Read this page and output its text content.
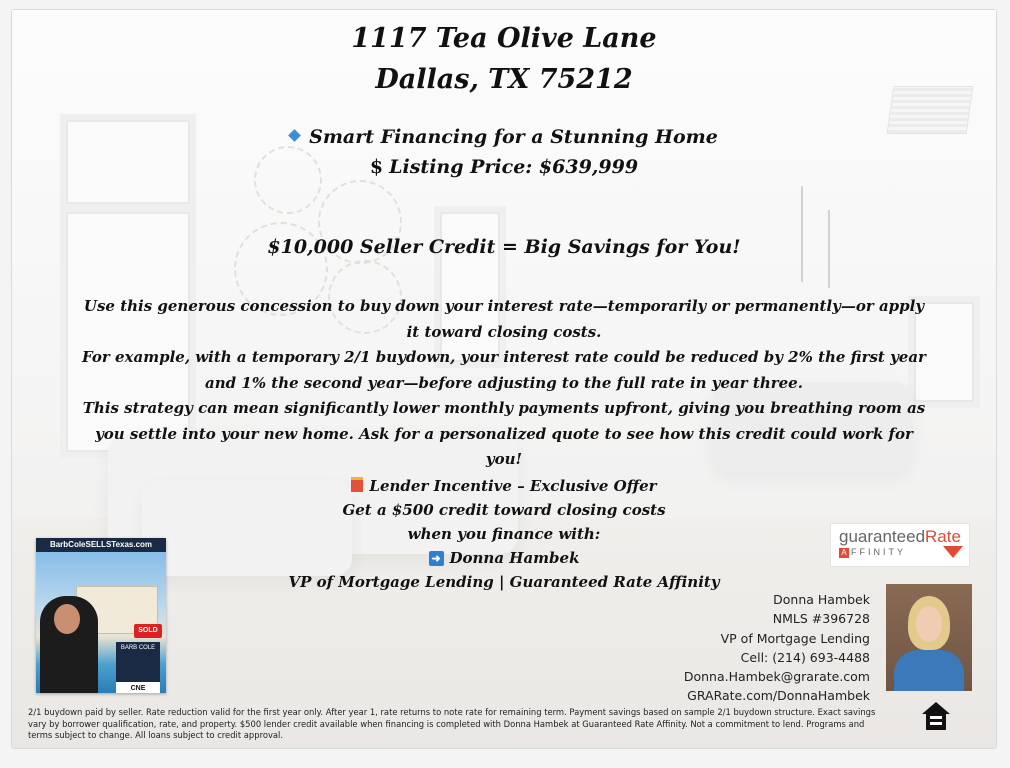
1117 Tea Olive Lane
Dallas, TX 75212
Smart Financing for a Stunning Home
$ Listing Price: $639,999
$10,000 Seller Credit = Big Savings for You!
Use this generous concession to buy down your interest rate—temporarily or permanently—or apply it toward closing costs.
For example, with a temporary 2/1 buydown, your interest rate could be reduced by 2% the first year and 1% the second year—before adjusting to the full rate in year three.
This strategy can mean significantly lower monthly payments upfront, giving you breathing room as you settle into your new home. Ask for a personalized quote to see how this credit could work for you!
Lender Incentive – Exclusive Offer
Get a $500 credit toward closing costs
when you finance with:
➜ Donna Hambek
VP of Mortgage Lending | Guaranteed Rate Affinity
BarbColeSELLSTexas.com
SOLD
BARB COLE
CNE
guaranteedRate
A FFINITY
Donna Hambek
NMLS #396728
VP of Mortgage Lending
Cell: (214) 693-4488
Donna.Hambek@grarate.com
GRARate.com/DonnaHambek
2/1 buydown paid by seller. Rate reduction valid for the first year only. After year 1, rate returns to note rate for remaining term. Payment savings based on sample 2/1 buydown structure. Exact savings vary by borrower qualification, rate, and property. $500 lender credit available when financing is completed with Donna Hambek at Guaranteed Rate Affinity. Not a commitment to lend. Programs and terms subject to change. All loans subject to credit approval.
